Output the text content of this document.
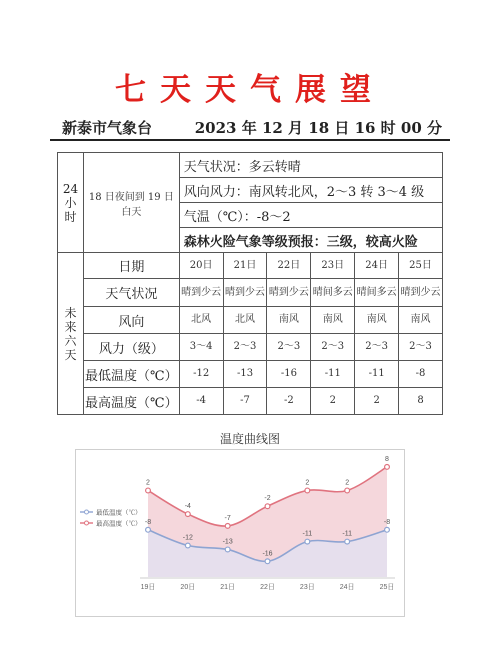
七天天气展望
新泰市气象台	2023 年 12 月 18 日 16 时 00 分
24
小
时	18 日夜间到 19 日白天	天气状况：多云转晴					
		风向风力：南风转北风，2～3 转 3～4 级					
		气温（℃）：-8～2					
		森林火险气象等级预报：三级，较高火险					
未
来
六
天	日期	20日	21日	22日	23日	24日	25日
	天气状况	晴到少云	晴到少云	晴到少云	晴间多云	晴间多云	晴到少云
	风向	北风	北风	南风	南风	南风	南风
	风力（级）	3～4	2～3	2～3	2～3	2～3	2～3
	最低温度（℃）	-12	-13	-16	-11	-11	-8
	最高温度（℃）	-4	-7	-2	2	2	8
温度曲线图
-8
-12
-13
-16
-11	-11
-8
2
-4
-7
-2
2	2
8
19日	20日	21日	22日	23日	24日	25日
最低温度（℃）
最高温度（℃）
